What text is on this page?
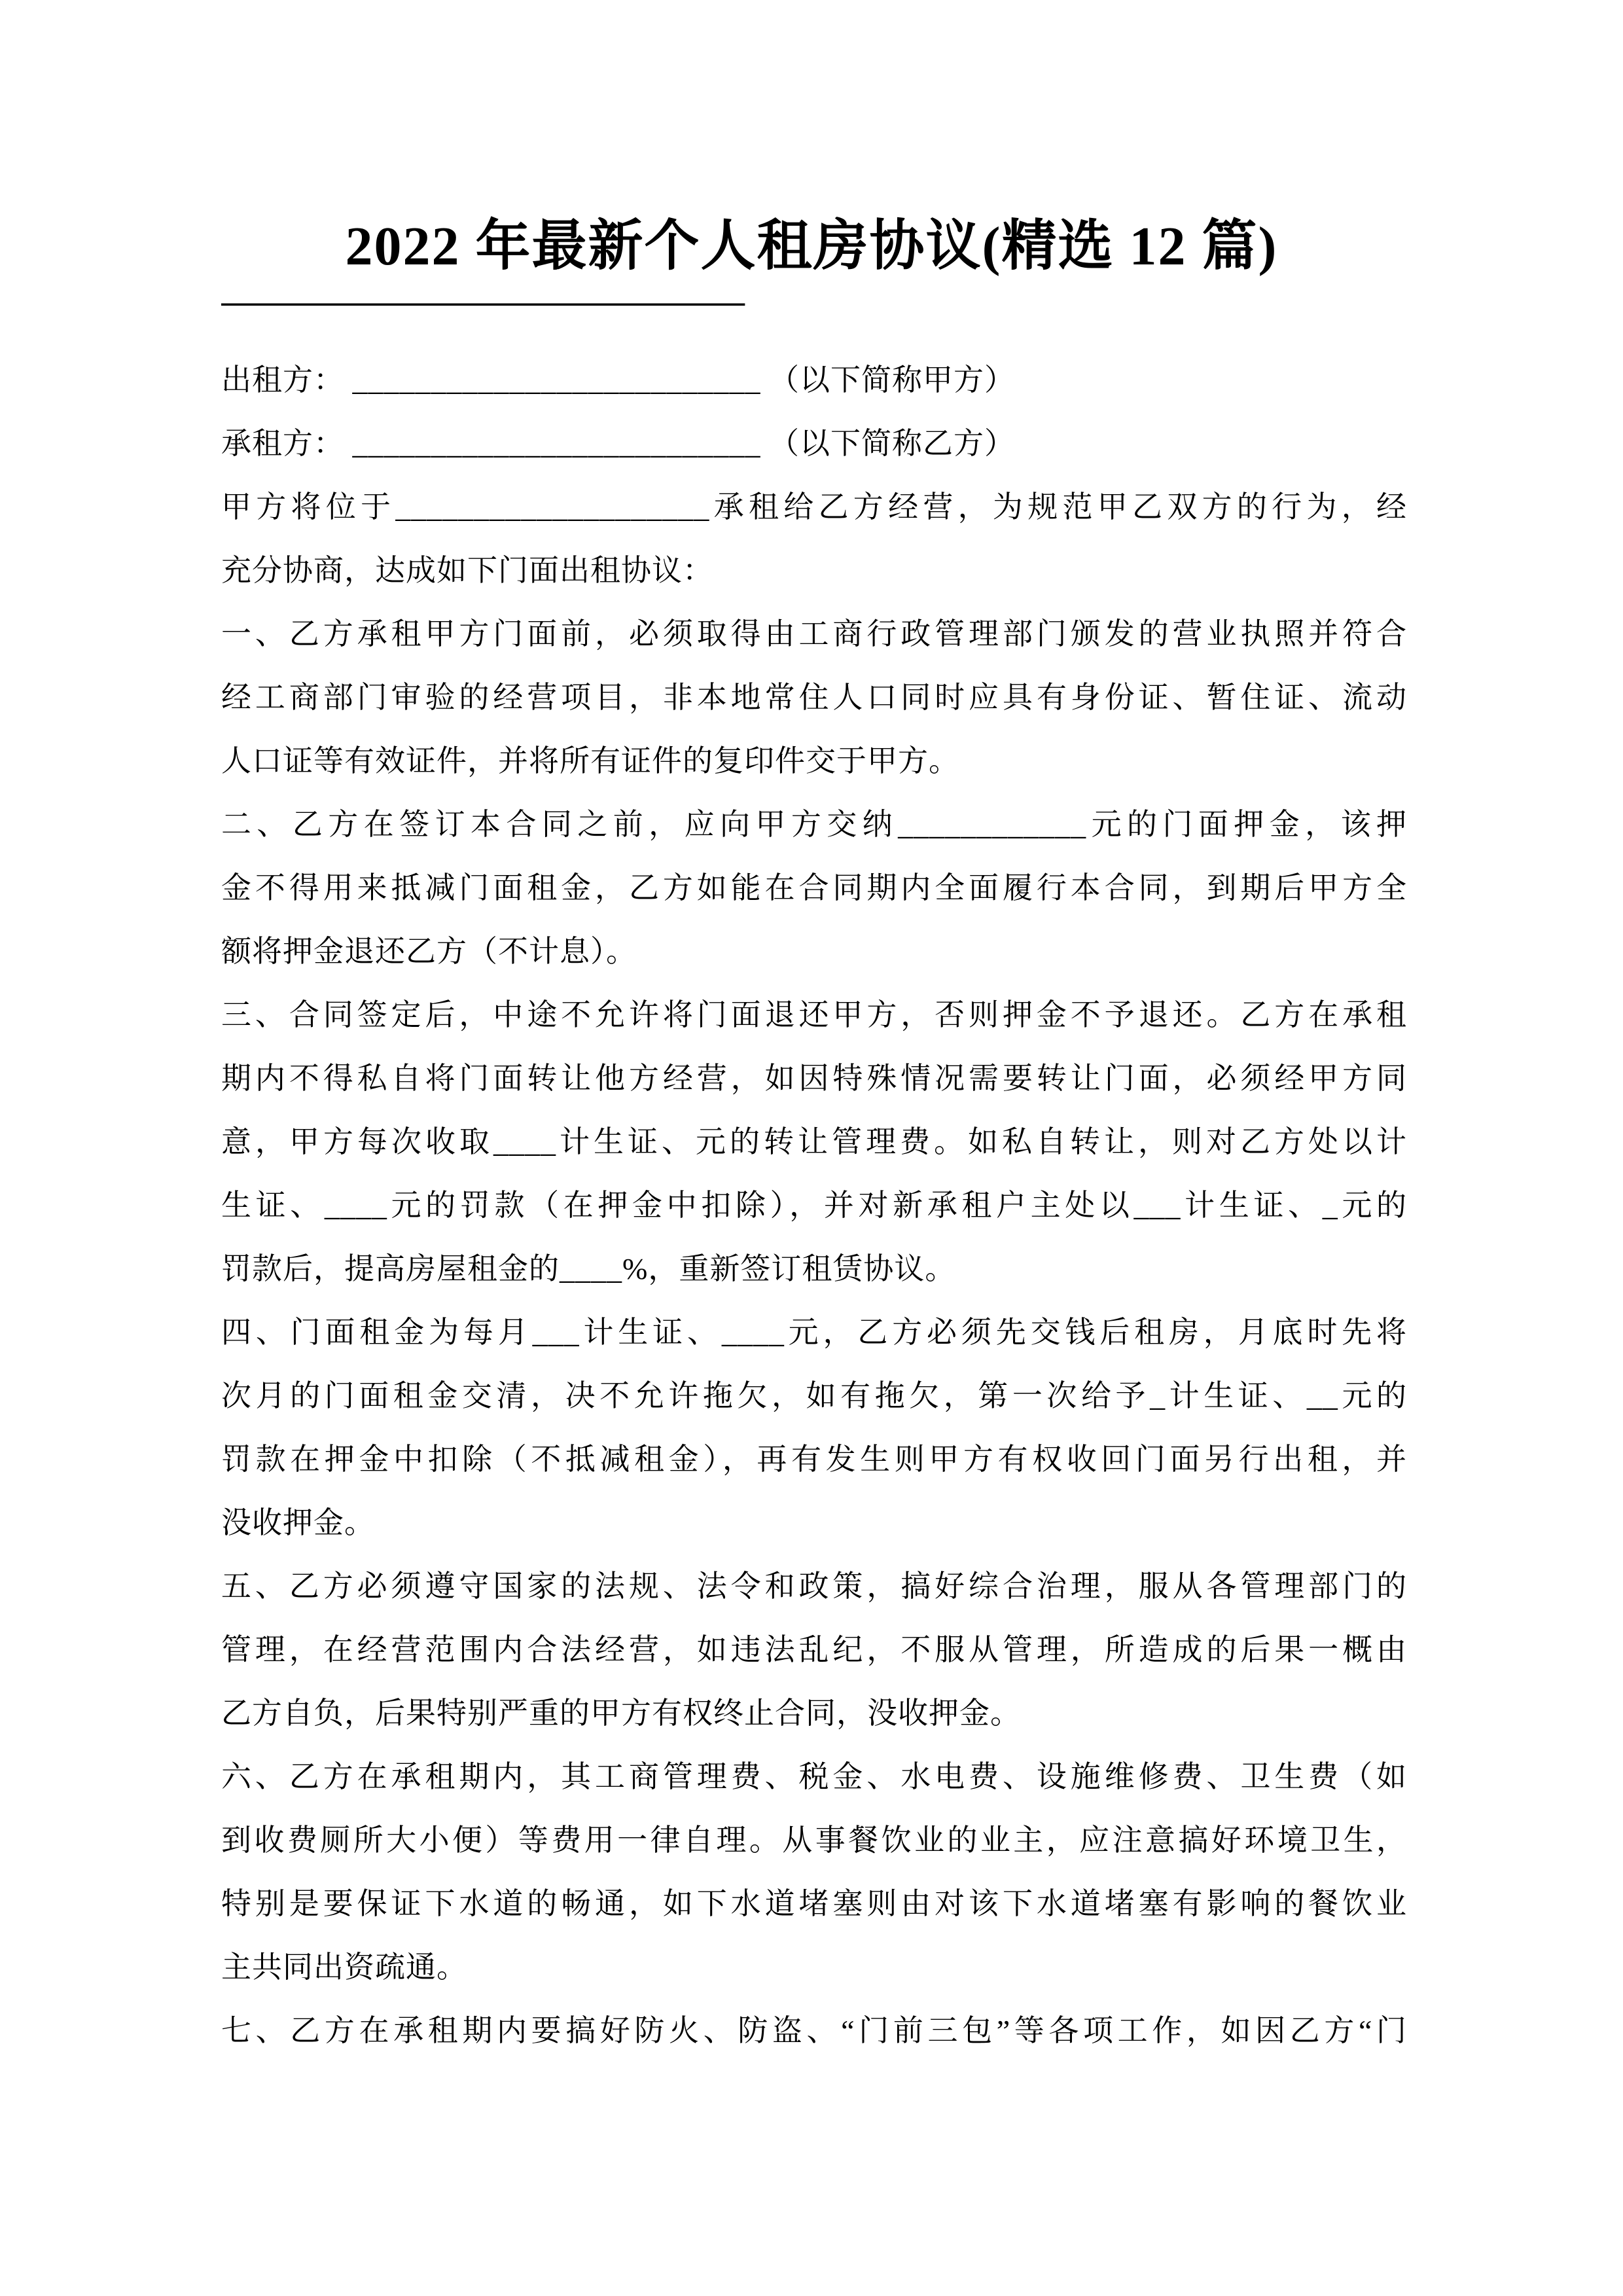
2022 年最新个人租房协议(精选 12 篇)
————————————————
出租方： __________________________ （以下简称甲方）
承租方： __________________________ （以下简称乙方）
甲方将位于____________________承租给乙方经营，为规范甲乙双方的行为，经
充分协商，达成如下门面出租协议：
一、乙方承租甲方门面前，必须取得由工商行政管理部门颁发的营业执照并符合
经工商部门审验的经营项目，非本地常住人口同时应具有身份证、暂住证、流动
人口证等有效证件，并将所有证件的复印件交于甲方。
二、乙方在签订本合同之前，应向甲方交纳____________元的门面押金，该押
金不得用来抵减门面租金，乙方如能在合同期内全面履行本合同，到期后甲方全
额将押金退还乙方（不计息）。
三、合同签定后，中途不允许将门面退还甲方，否则押金不予退还。乙方在承租
期内不得私自将门面转让他方经营，如因特殊情况需要转让门面，必须经甲方同
意，甲方每次收取____计生证、元的转让管理费。如私自转让，则对乙方处以计
生证、____元的罚款（在押金中扣除），并对新承租户主处以___计生证、_元的
罚款后，提高房屋租金的____%，重新签订租赁协议。
四、门面租金为每月___计生证、____元，乙方必须先交钱后租房，月底时先将
次月的门面租金交清，决不允许拖欠，如有拖欠，第一次给予_计生证、__元的
罚款在押金中扣除（不抵减租金），再有发生则甲方有权收回门面另行出租，并
没收押金。
五、乙方必须遵守国家的法规、法令和政策，搞好综合治理，服从各管理部门的
管理，在经营范围内合法经营，如违法乱纪，不服从管理，所造成的后果一概由
乙方自负，后果特别严重的甲方有权终止合同，没收押金。
六、乙方在承租期内，其工商管理费、税金、水电费、设施维修费、卫生费（如
到收费厕所大小便）等费用一律自理。从事餐饮业的业主，应注意搞好环境卫生，
特别是要保证下水道的畅通，如下水道堵塞则由对该下水道堵塞有影响的餐饮业
主共同出资疏通。
七、乙方在承租期内要搞好防火、防盗、“门前三包”等各项工作，如因乙方“门
